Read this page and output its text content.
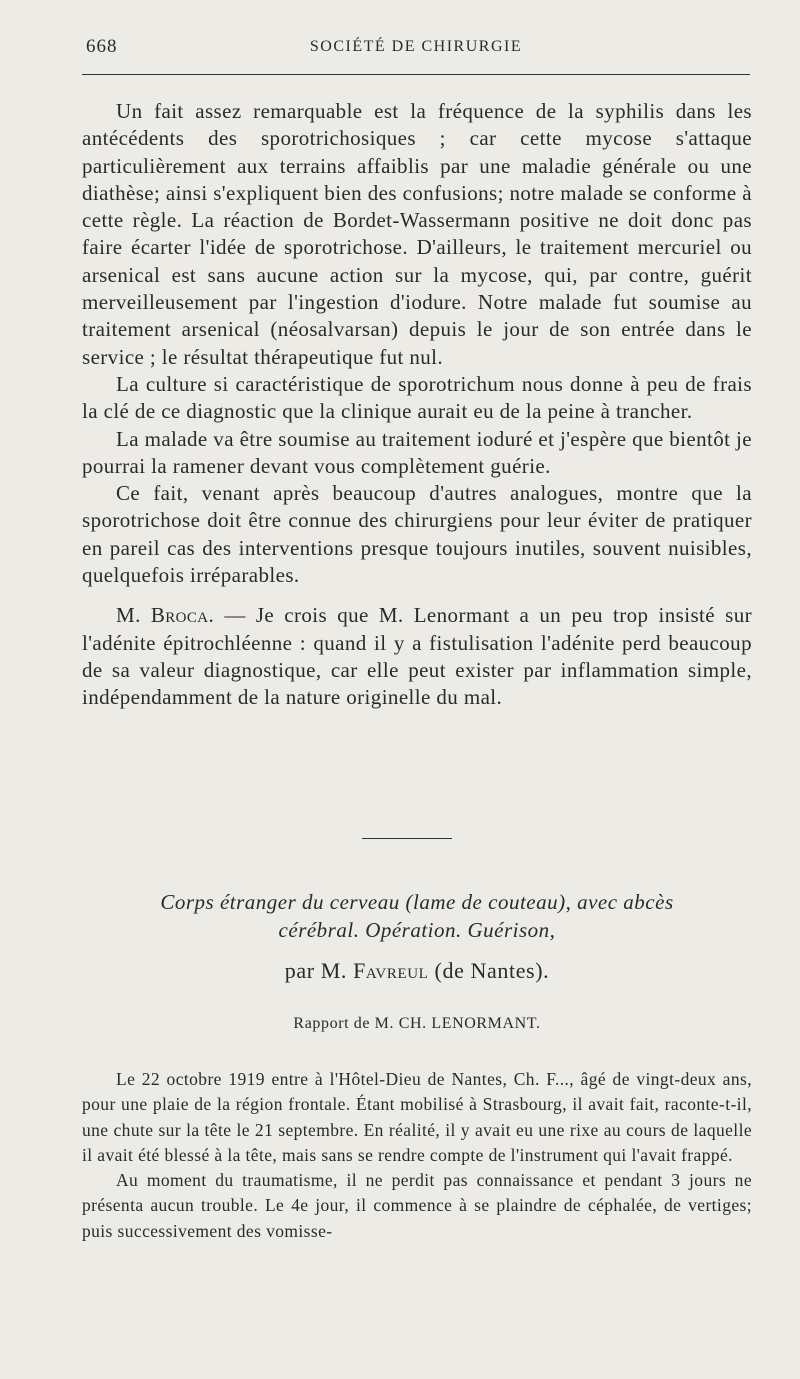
668	SOCIÉTÉ DE CHIRURGIE

Un fait assez remarquable est la fréquence de la syphilis dans les antécédents des sporotrichosiques ; car cette mycose s'attaque particulièrement aux terrains affaiblis par une maladie générale ou une diathèse; ainsi s'expliquent bien des confusions; notre malade se conforme à cette règle. La réaction de Bordet-Wassermann positive ne doit donc pas faire écarter l'idée de sporotrichose. D'ailleurs, le traitement mercuriel ou arsenical est sans aucune action sur la mycose, qui, par contre, guérit merveilleusement par l'ingestion d'iodure. Notre malade fut soumise au traitement arsenical (néosalvarsan) depuis le jour de son entrée dans le service ; le résultat thérapeutique fut nul.

La culture si caractéristique de sporotrichum nous donne à peu de frais la clé de ce diagnostic que la clinique aurait eu de la peine à trancher.

La malade va être soumise au traitement ioduré et j'espère que bientôt je pourrai la ramener devant vous complètement guérie.

Ce fait, venant après beaucoup d'autres analogues, montre que la sporotrichose doit être connue des chirurgiens pour leur éviter de pratiquer en pareil cas des interventions presque toujours inutiles, souvent nuisibles, quelquefois irréparables.

M. Broca. — Je crois que M. Lenormant a un peu trop insisté sur l'adénite épitrochléenne : quand il y a fistulisation l'adénite perd beaucoup de sa valeur diagnostique, car elle peut exister par inflammation simple, indépendamment de la nature originelle du mal.

Corps étranger du cerveau (lame de couteau), avec abcès
cérébral. Opération. Guérison,
par M. Favreul (de Nantes).
Rapport de M. CH. LENORMANT.

Le 22 octobre 1919 entre à l'Hôtel-Dieu de Nantes, Ch. F..., âgé de vingt-deux ans, pour une plaie de la région frontale. Étant mobilisé à Strasbourg, il avait fait, raconte-t-il, une chute sur la tête le 21 septembre. En réalité, il y avait eu une rixe au cours de laquelle il avait été blessé à la tête, mais sans se rendre compte de l'instrument qui l'avait frappé.

Au moment du traumatisme, il ne perdit pas connaissance et pendant 3 jours ne présenta aucun trouble. Le 4e jour, il commence à se plaindre de céphalée, de vertiges; puis successivement des vomisse-
